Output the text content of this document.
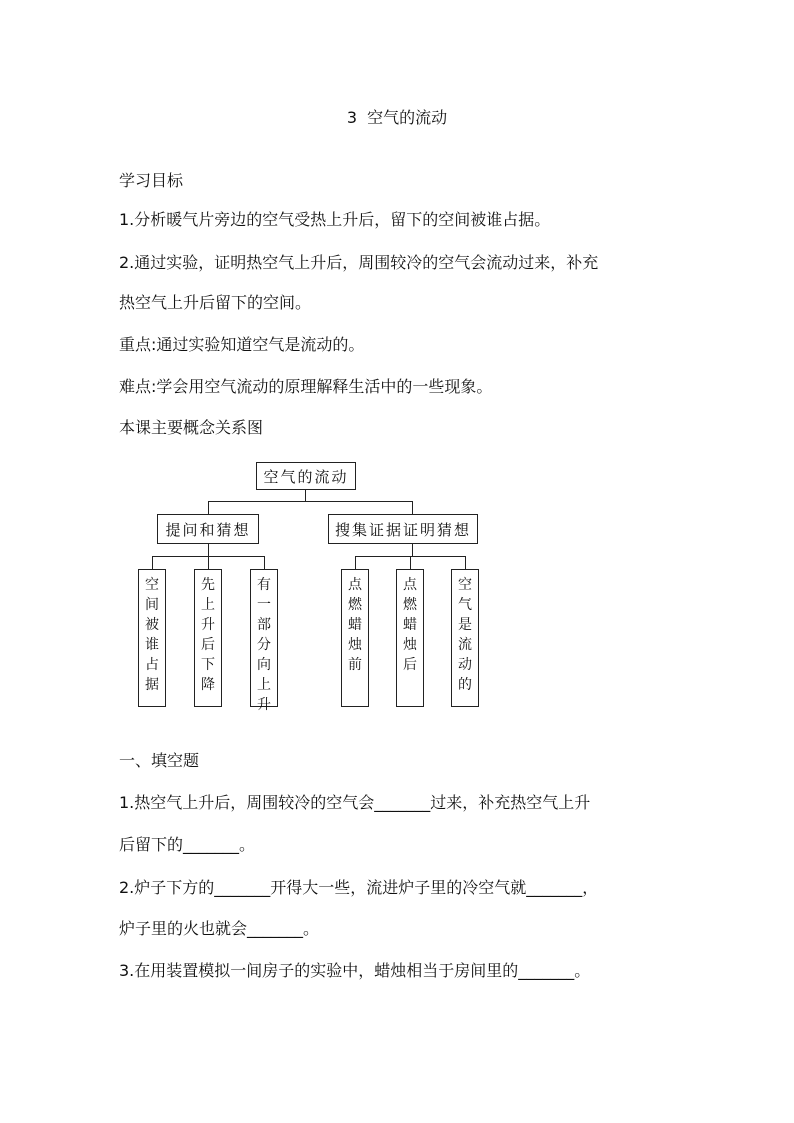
3 空气的流动
学习目标
1.分析暖气片旁边的空气受热上升后，留下的空间被谁占据。
2.通过实验，证明热空气上升后，周围较冷的空气会流动过来，补充
热空气上升后留下的空间。
重点:通过实验知道空气是流动的。
难点:学会用空气流动的原理解释生活中的一些现象。
本课主要概念关系图
空气的流动
提问和猜想	搜集证据证明猜想
空
间
被
谁
占
据
先
上
升
后
下
降
有
一
部
分
向
上
升
点
燃
蜡
烛
前
点
燃
蜡
烛
后
空
气
是
流
动
的
一、填空题
1.热空气上升后，周围较冷的空气会_______过来，补充热空气上升
后留下的_______。
2.炉子下方的_______开得大一些，流进炉子里的冷空气就_______，
炉子里的火也就会_______。
3.在用装置模拟一间房子的实验中，蜡烛相当于房间里的_______。
